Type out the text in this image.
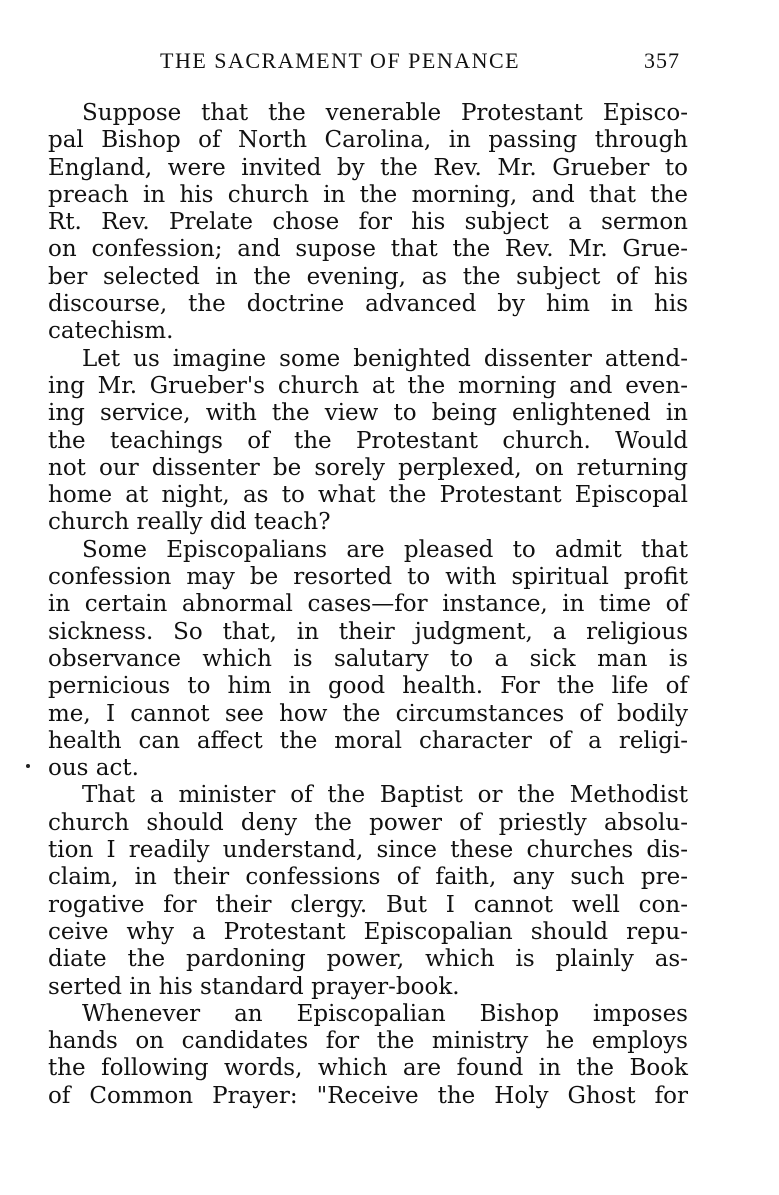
THE SACRAMENT OF PENANCE	357
Suppose that the venerable Protestant Episco-
pal Bishop of North Carolina, in passing through
England, were invited by the Rev. Mr. Grueber to
preach in his church in the morning, and that the
Rt. Rev. Prelate chose for his subject a sermon
on confession; and supose that the Rev. Mr. Grue-
ber selected in the evening, as the subject of his
discourse, the doctrine advanced by him in his
catechism.
Let us imagine some benighted dissenter attend-
ing Mr. Grueber's church at the morning and even-
ing service, with the view to being enlightened in
the teachings of the Protestant church. Would
not our dissenter be sorely perplexed, on returning
home at night, as to what the Protestant Episcopal
church really did teach?
Some Episcopalians are pleased to admit that
confession may be resorted to with spiritual profit
in certain abnormal cases—for instance, in time of
sickness. So that, in their judgment, a religious
observance which is salutary to a sick man is
pernicious to him in good health. For the life of
me, I cannot see how the circumstances of bodily
health can affect the moral character of a religi-
ous act.
That a minister of the Baptist or the Methodist
church should deny the power of priestly absolu-
tion I readily understand, since these churches dis-
claim, in their confessions of faith, any such pre-
rogative for their clergy. But I cannot well con-
ceive why a Protestant Episcopalian should repu-
diate the pardoning power, which is plainly as-
serted in his standard prayer-book.
Whenever an Episcopalian Bishop imposes
hands on candidates for the ministry he employs
the following words, which are found in the Book
of Common Prayer: "Receive the Holy Ghost for
